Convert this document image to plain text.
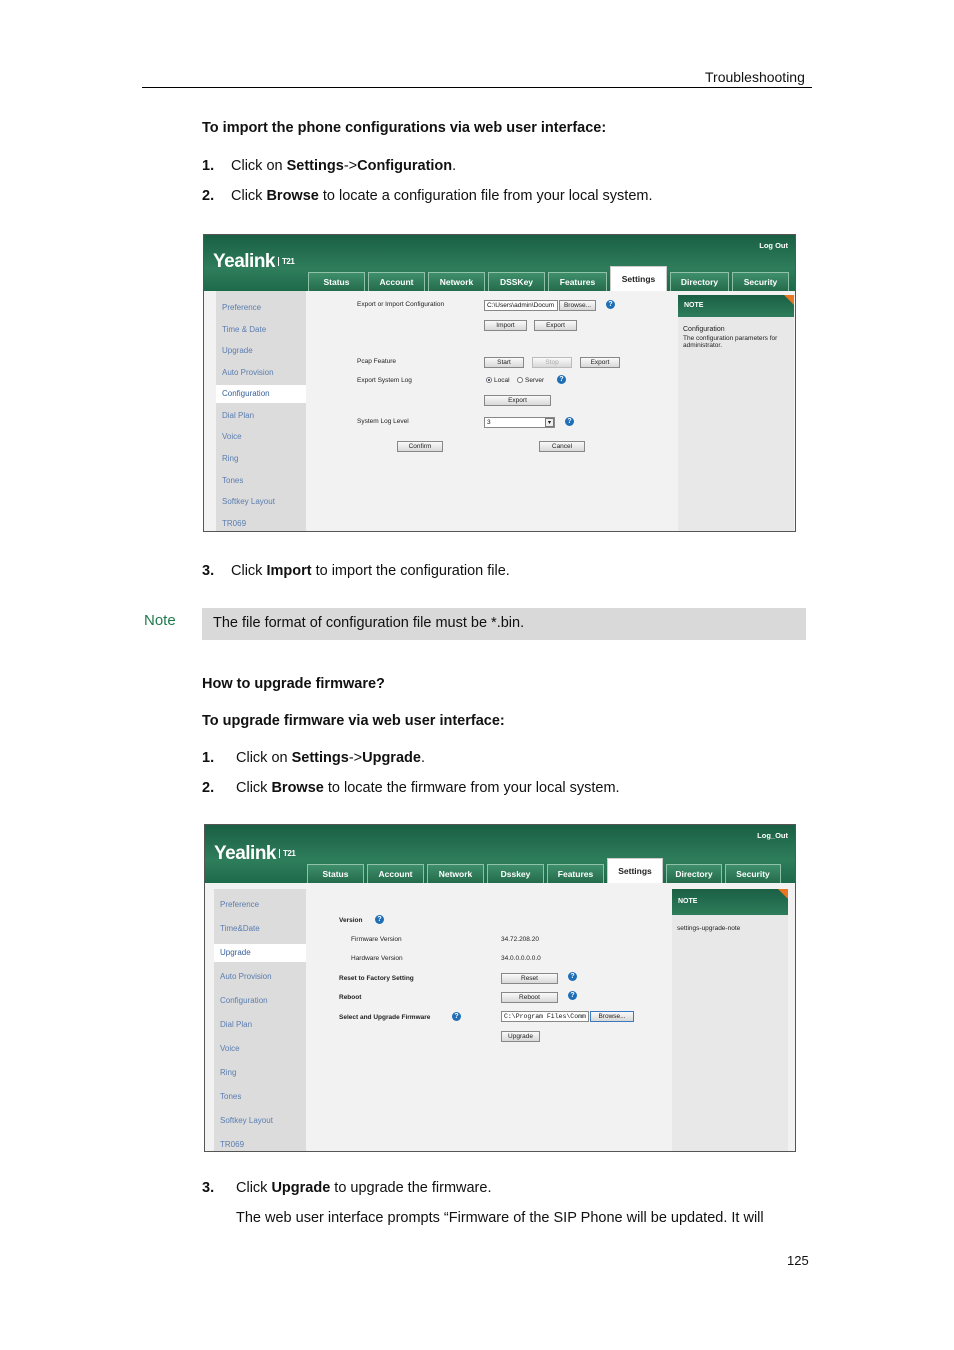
Troubleshooting
To import the phone configurations via web user interface:
1. Click on Settings->Configuration.
2. Click Browse to locate a configuration file from your local system.
Yealink T21
Log Out
Status	Account	Network	DSSKey	Features	Settings	Directory	Security
Preference
Time & Date
Upgrade
Auto Provision
Configuration
Dial Plan
Voice
Ring
Tones
Softkey Layout
TR069
Export or Import Configuration	C:\Users\admin\Docum	Browse...	?
Import	Export
Pcap Feature	Start	Stop	Export
Export System Log	Local Server	?
Export
System Log Level	3	▾	?
Confirm	Cancel
NOTE
Configuration
The configuration parameters for administrator.
3. Click Import to import the configuration file.
Note	The file format of configuration file must be *.bin.
How to upgrade firmware?
To upgrade firmware via web user interface:
1. Click on Settings->Upgrade.
2. Click Browse to locate the firmware from your local system.
Yealink T21
Log_Out
Status	Account	Network	Dsskey	Features	Settings	Directory	Security
Preference
Time&Date
Upgrade
Auto Provision
Configuration
Dial Plan
Voice
Ring
Tones
Softkey Layout
TR069
Version	?
Firmware Version	34.72.208.20
Hardware Version	34.0.0.0.0.0.0
Reset to Factory Setting	Reset	?
Reboot	Reboot	?
Select and Upgrade Firmware	?	C:\Program Files\Comm	Browse...
Upgrade
NOTE
settings-upgrade-note
3. Click Upgrade to upgrade the firmware.
The web user interface prompts “Firmware of the SIP Phone will be updated. It will
125
